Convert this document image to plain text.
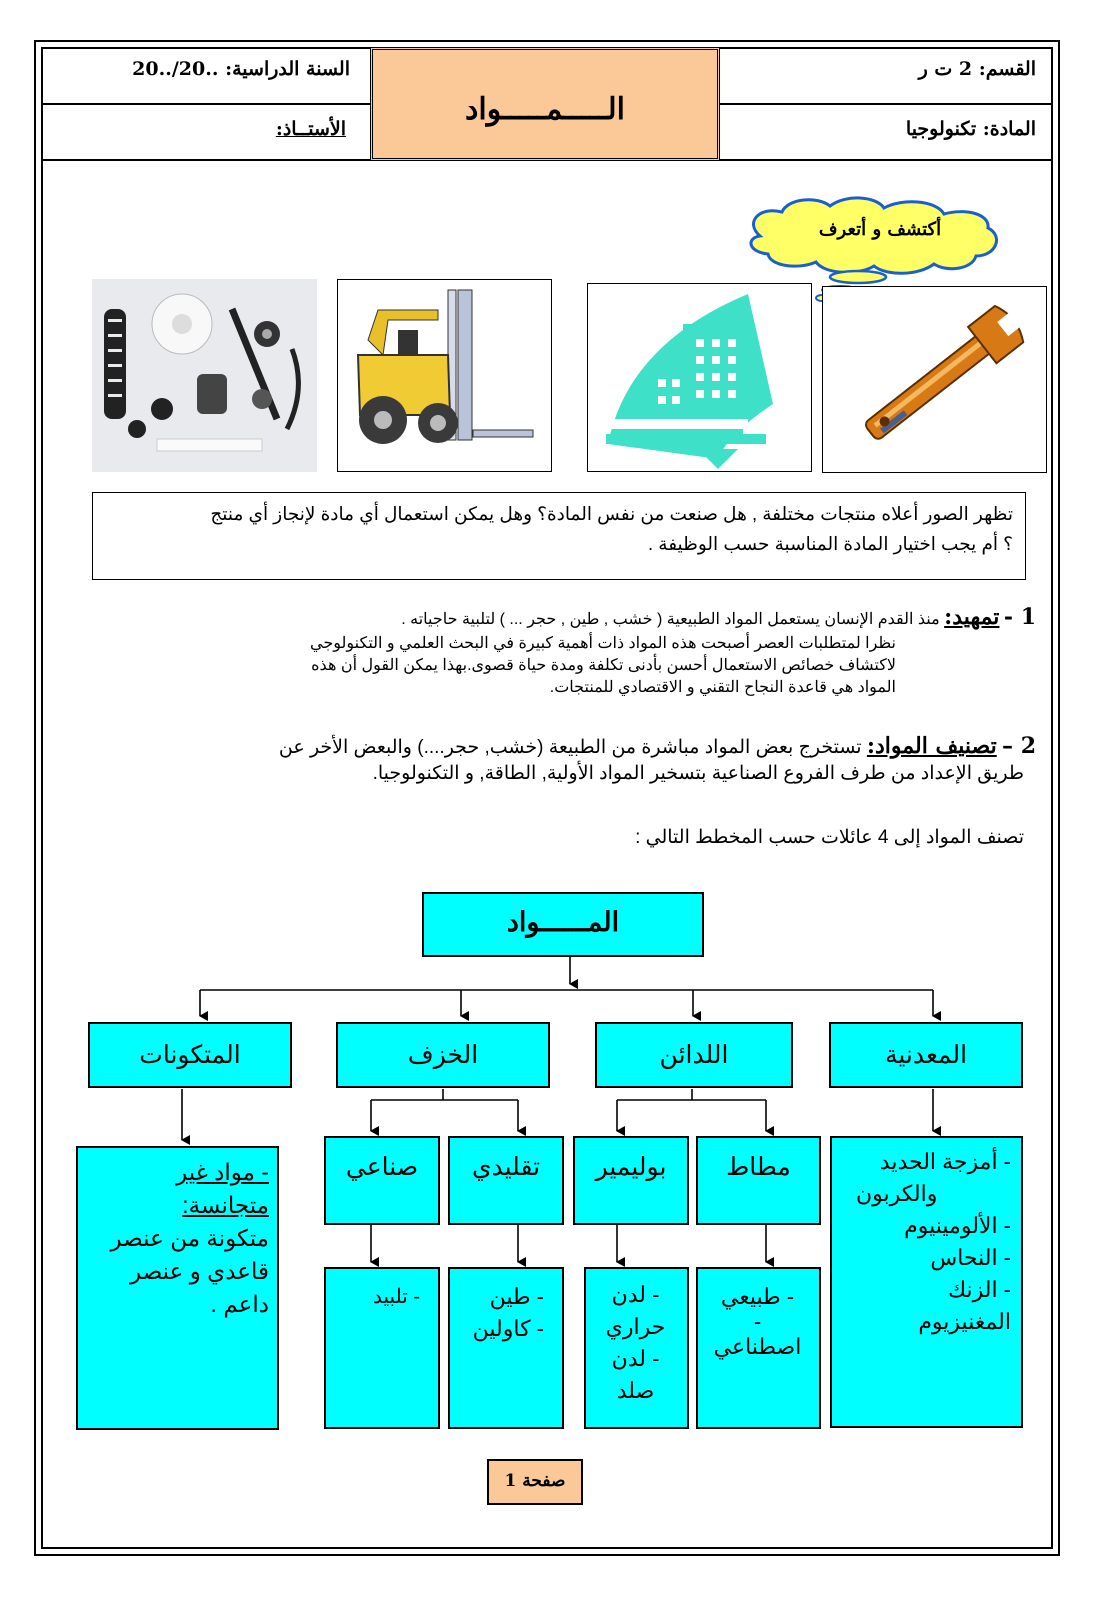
القسم: 2 ت ر
المادة: تكنولوجيا
السنة الدراسية: ..20/..20
الأستــاذ:
الـــــمـــــواد
أكتشف و أتعرف
تظهر الصور أعلاه منتجات مختلفة , هل صنعت من نفس المادة؟ وهل يمكن استعمال أي مادة لإنجاز أي منتج
؟ أم يجب اختيار المادة المناسبة حسب الوظيفة .
1 - تمهيد: منذ القدم الإنسان يستعمل المواد الطبيعية ( خشب , طين , حجر ... ) لتلبية حاجياته .
نظرا لمتطلبات العصر أصبحت هذه المواد ذات أهمية كبيرة في البحث العلمي و التكنولوجي
لاكتشاف خصائص الاستعمال أحسن بأدنى تكلفة ومدة حياة قصوى.بهذا يمكن القول أن هذه
المواد هي قاعدة النجاح التقني و الاقتصادي للمنتجات.
2 – تصنيف المواد: تستخرج بعض المواد مباشرة من الطبيعة (خشب, حجر....) والبعض الأخر عن
طريق الإعداد من طرف الفروع الصناعية بتسخير المواد الأولية, الطاقة, و التكنولوجيا.
تصنف المواد إلى 4 عائلات حسب المخطط التالي :
المــــــواد
المعدنية
اللدائن
الخزف
المتكونات
مطاط
بوليمير
تقليدي
صناعي	- أمزجة الحديد
والكربون
- الألومينيوم
- النحاس
- الزنك
المغنيزيوم
- مواد غير متجانسة:
متكونة من عنصر
قاعدي و عنصر
داعم .	- طبيعي
-
اصطناعي
- لدن
حراري
- لدن
صلد
- طين
- كاولين
- تلبيد
صفحة 1
